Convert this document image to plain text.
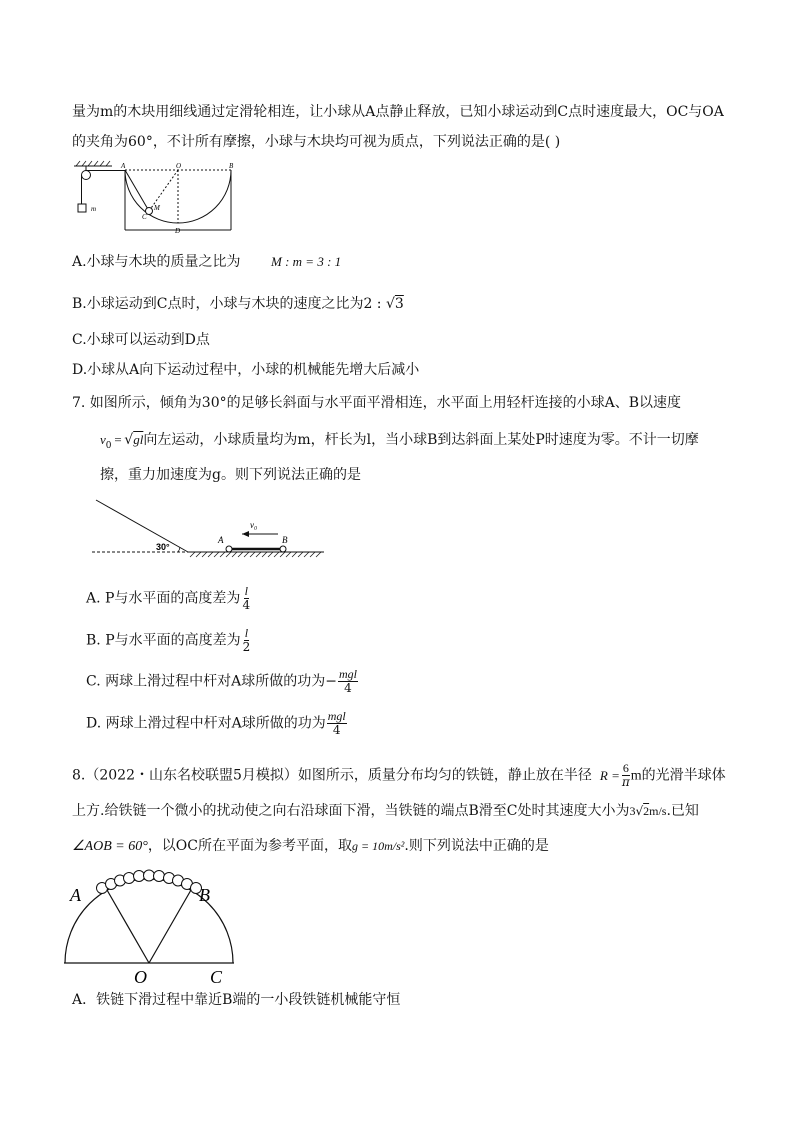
量为m的木块用细线通过定滑轮相连，让小球从A点静止释放，已知小球运动到C点时速度最大，OC与OA
的夹角为60°，不计所有摩擦，小球与木块均可视为质点，下列说法正确的是( )
m
A	O	B
M
C
D
A.小球与木块的质量之比为 M : m = 3 : 1
B.小球运动到C点时，小球与木块的速度之比为2 : √3
C.小球可以运动到D点
D.小球从A向下运动过程中，小球的机械能先增大后减小
7. 如图所示，倾角为30°的足够长斜面与水平面平滑相连，水平面上用轻杆连接的小球A、B以速度
$v_0 = √gl$向左运动，小球质量均为m，杆长为l，当小球B到达斜面上某处P时速度为零。不计一切摩
擦，重力加速度为g。则下列说法正确的是
30°
A	B
v₀
A. P与水平面的高度差为 $\frac{l}{4}$
B. P与水平面的高度差为 $\frac{l}{2}$
C. 两球上滑过程中杆对A球所做的功为− $\frac{\text{mgl}}{4}$
D. 两球上滑过程中杆对A球所做的功为 $\frac{\text{mgl}}{4}$
8.（2022・山东名校联盟5月模拟）如图所示，质量分布均匀的铁链，静止放在半径 $R = \frac{6}{\pi}$ m的光滑半球体
上方.给铁链一个微小的扰动使之向右沿球面下滑，当铁链的端点B滑至C处时其速度大小为3√2m/s.已知
∠AOB = 60°，以OC所在平面为参考平面，取g = 10m/s².则下列说法中正确的是
A	B
O	C
A．铁链下滑过程中靠近B端的一小段铁链机械能守恒
